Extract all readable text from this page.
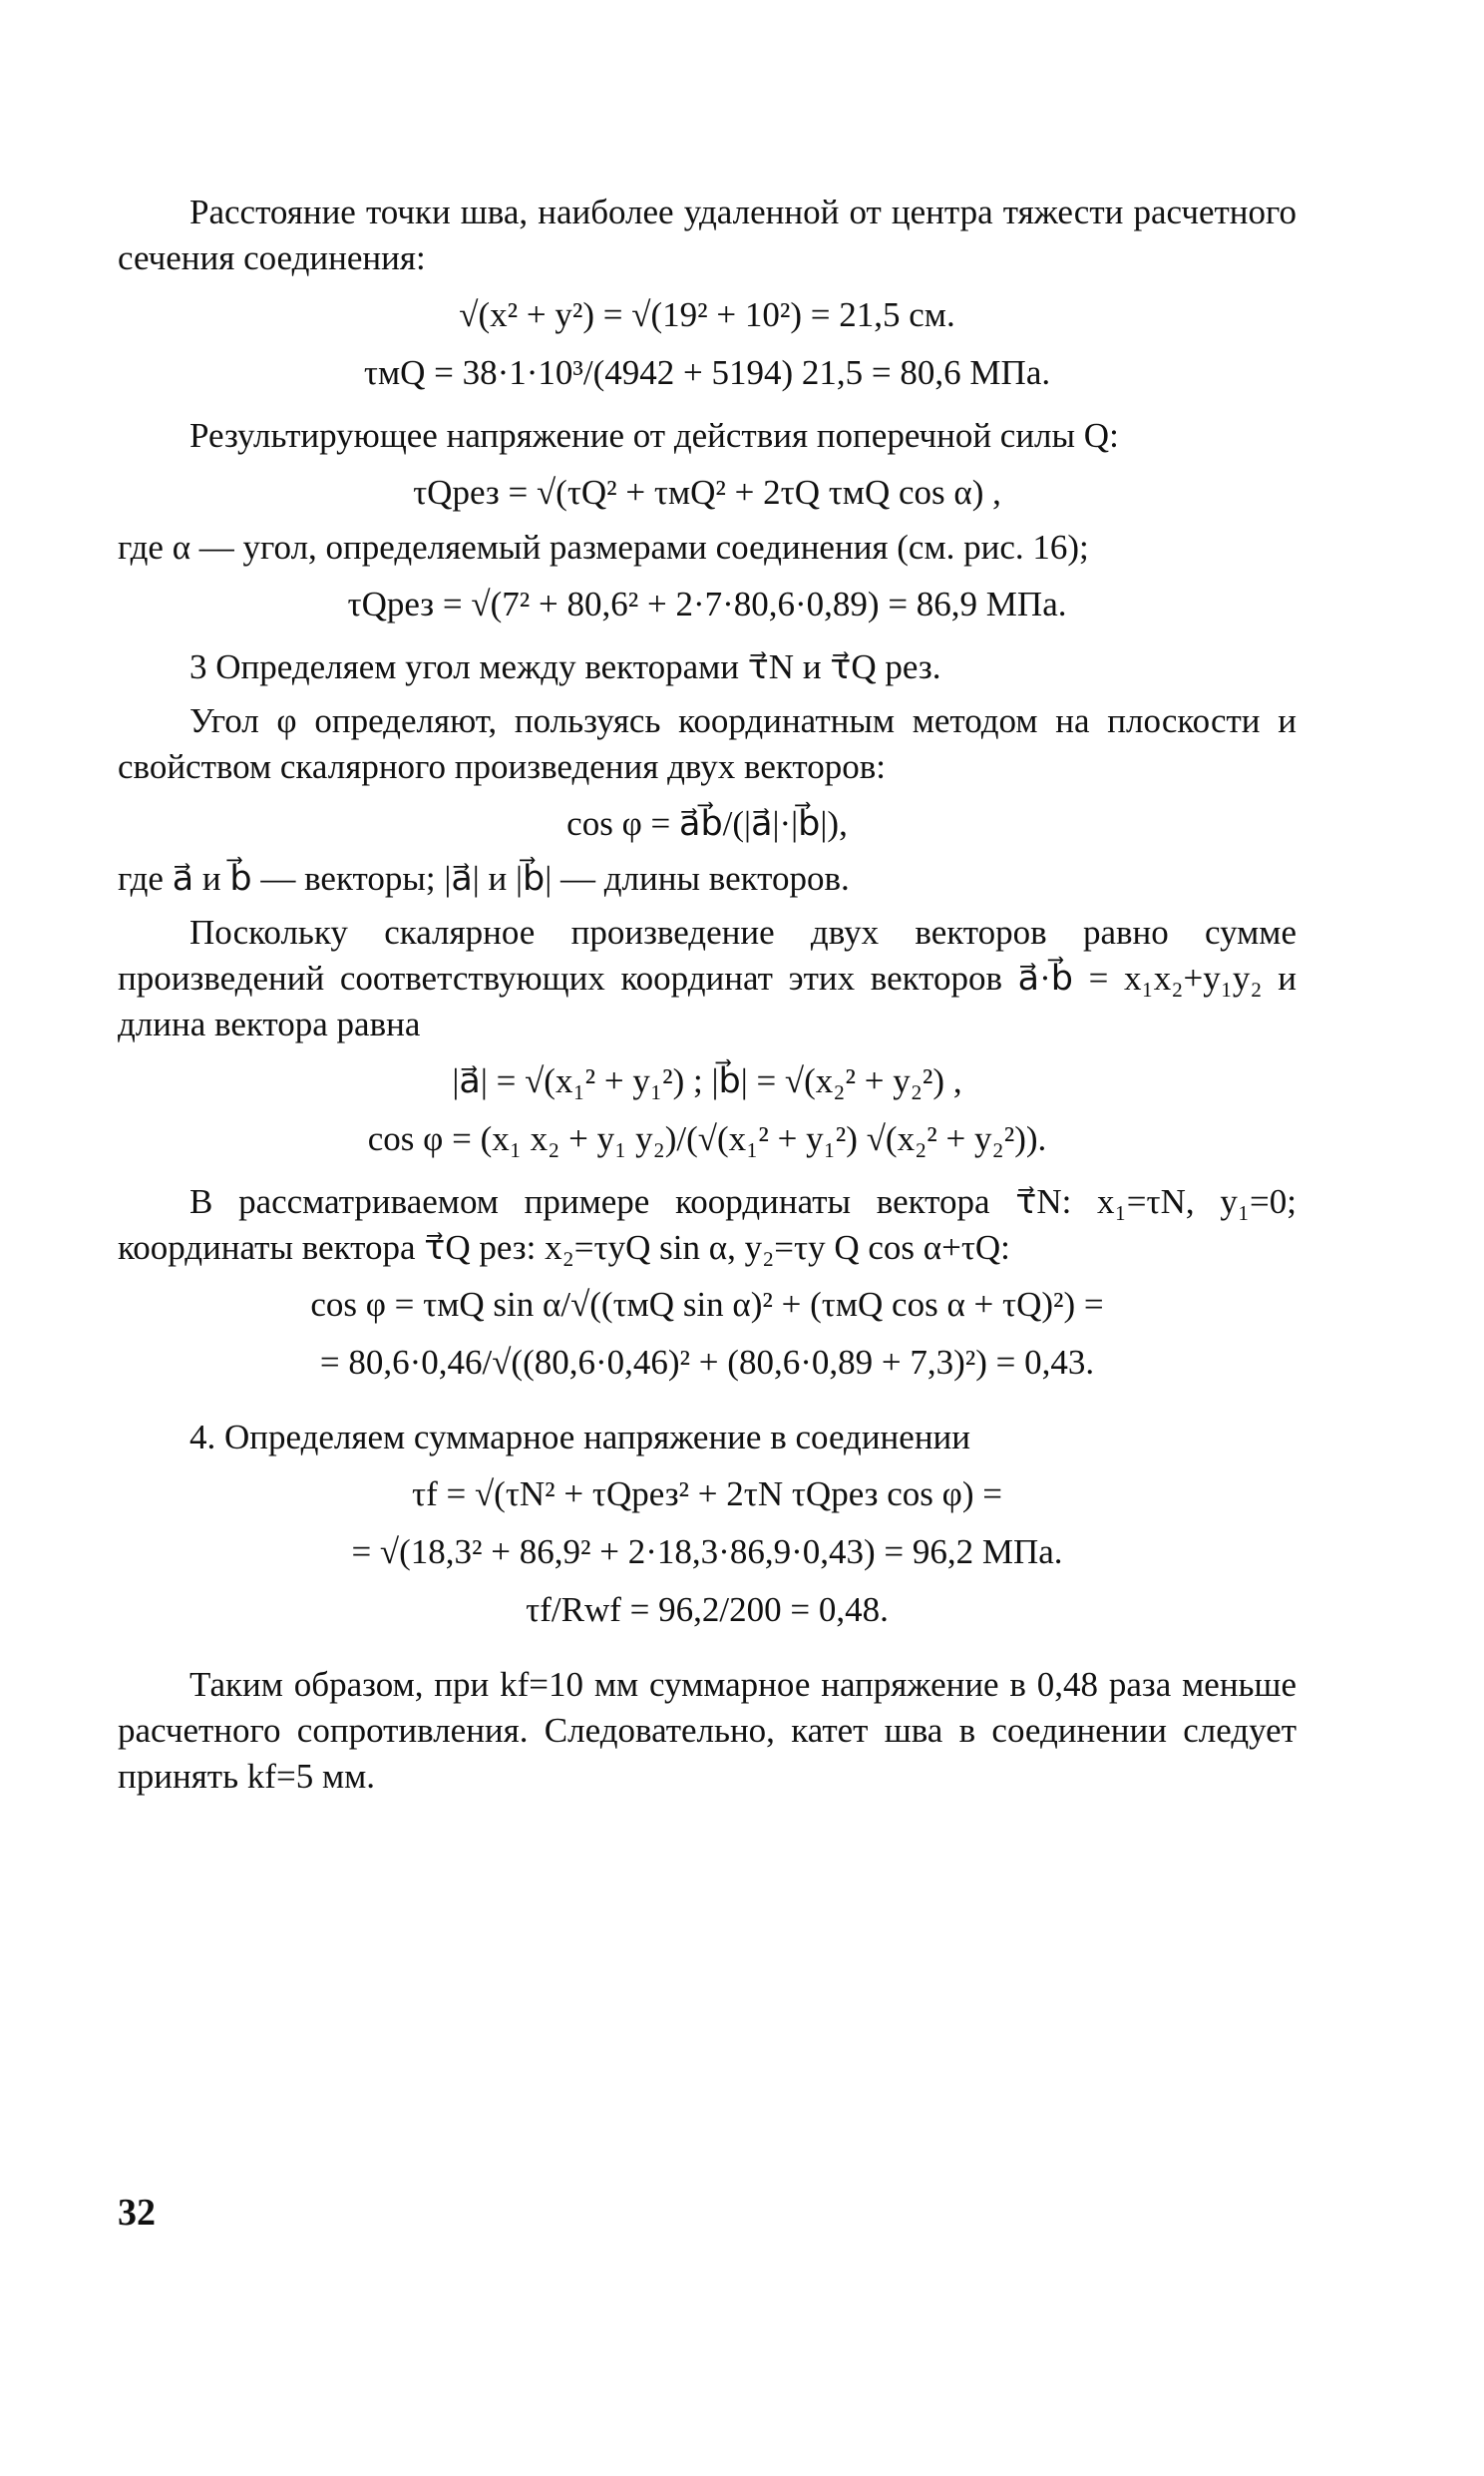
Расстояние точки шва, наиболее удаленной от центра тяжести расчетного сечения соединения:

√(x² + y²) = √(19² + 10²) = 21,5 см.
τмQ = 38·1·10³/(4942 + 5194) 21,5 = 80,6 МПа.

Результирующее напряжение от действия поперечной силы Q:

τQрез = √(τQ² + τмQ² + 2τQ τмQ cos α) ,

где α — угол, определяемый размерами соединения (см. рис. 16);

τQрез = √(7² + 80,6² + 2·7·80,6·0,89) = 86,9 МПа.

3 Определяем угол между векторами τ⃗N и τ⃗Q рез.

Угол φ определяют, пользуясь координатным методом на плоскости и свойством скалярного произведения двух векторов:

cos φ = a⃗b⃗/(|a⃗|·|b⃗|),

где a⃗ и b⃗ — векторы; |a⃗| и |b⃗| — длины векторов.

Поскольку скалярное произведение двух векторов равно сумме произведений соответствующих координат этих векторов a⃗·b⃗ = x₁x₂+y₁y₂ и длина вектора равна

|a⃗| = √(x₁² + y₁²) ; |b⃗| = √(x₂² + y₂²) ,
cos φ = (x₁ x₂ + y₁ y₂)/(√(x₁² + y₁²) √(x₂² + y₂²)).

В рассматриваемом примере координаты вектора τ⃗N: x₁=τN, y₁=0; координаты вектора τ⃗Q рез: x₂=τyQ sin α, y₂=τy Q cos α+τQ:

cos φ = τмQ sin α/√((τмQ sin α)² + (τмQ cos α + τQ)²) =
= 80,6·0,46/√((80,6·0,46)² + (80,6·0,89 + 7,3)²) = 0,43.

4. Определяем суммарное напряжение в соединении

τf = √(τN² + τQрез² + 2τN τQрез cos φ) =
= √(18,3² + 86,9² + 2·18,3·86,9·0,43) = 96,2 МПа.
τf/Rwf = 96,2/200 = 0,48.

Таким образом, при kf=10 мм суммарное напряжение в 0,48 раза меньше расчетного сопротивления. Следовательно, катет шва в соединении следует принять kf=5 мм.

32
